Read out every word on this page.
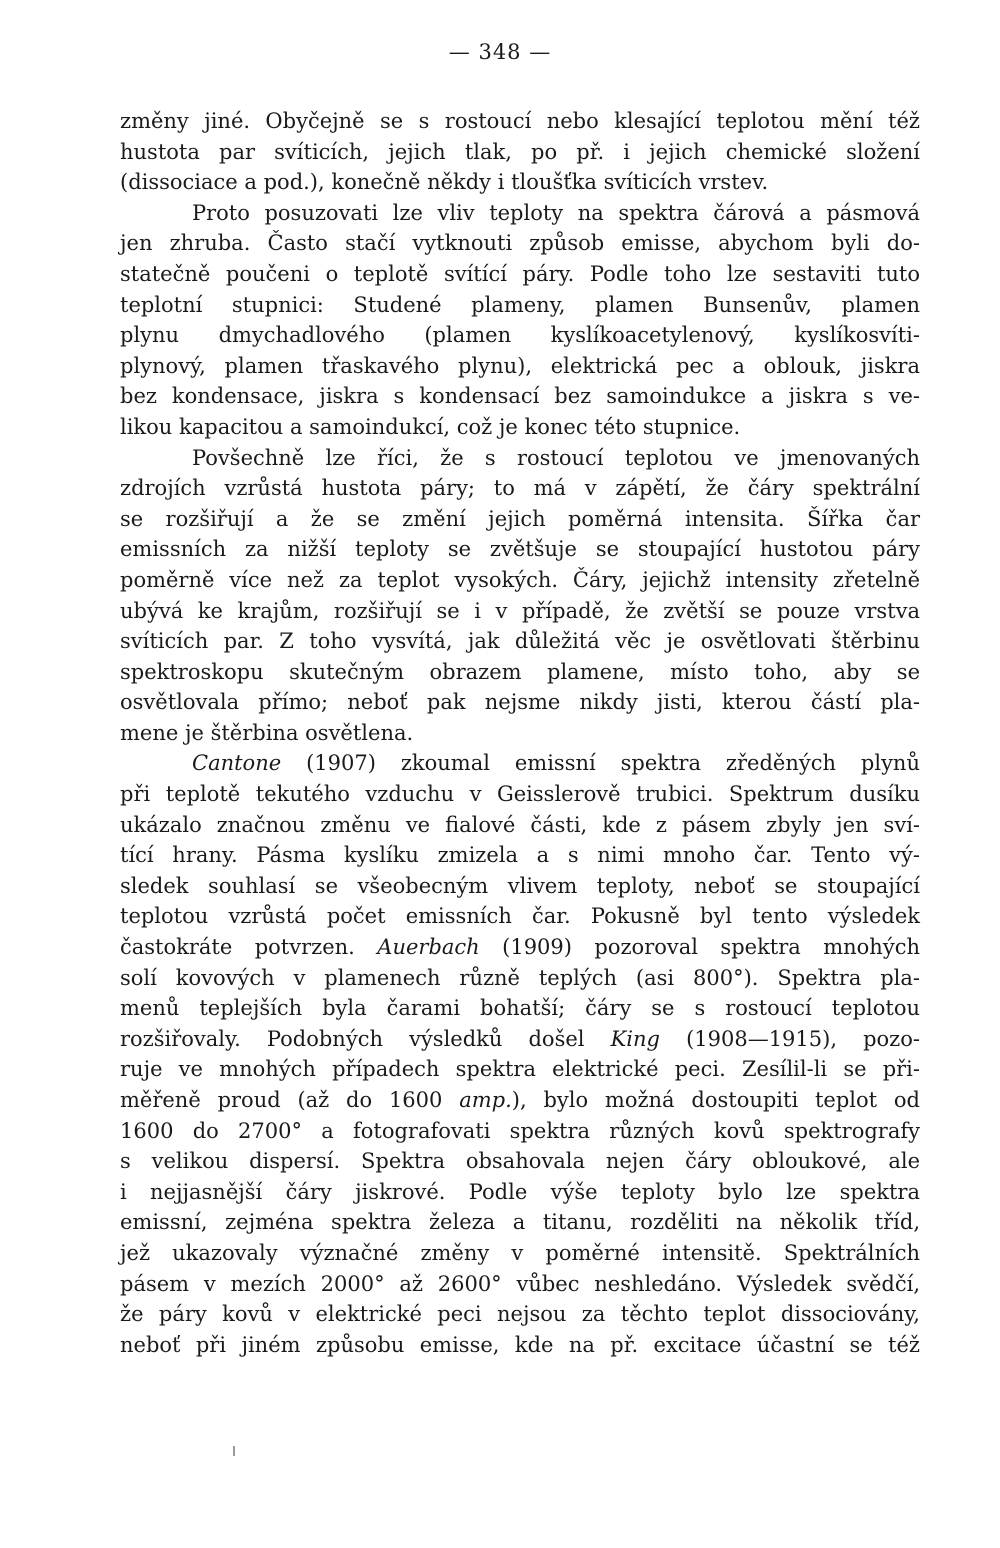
— 348 —
změny jiné. Obyčejně se s rostoucí nebo klesající teplotou mění též
hustota par svíticích, jejich tlak, po př. i jejich chemické složení
(dissociace a pod.), konečně někdy i tloušťka svíticích vrstev.
Proto posuzovati lze vliv teploty na spektra čárová a pásmová
jen zhruba. Často stačí vytknouti způsob emisse, abychom byli do-
statečně poučeni o teplotě svítící páry. Podle toho lze sestaviti tuto
teplotní stupnici: Studené plameny, plamen Bunsenův, plamen
plynu dmychadlového (plamen kyslíkoacetylenový, kyslíkosvíti-
plynový, plamen třaskavého plynu), elektrická pec a oblouk, jiskra
bez kondensace, jiskra s kondensací bez samoindukce a jiskra s ve-
likou kapacitou a samoindukcí, což je konec této stupnice.
Povšechně lze říci, že s rostoucí teplotou ve jmenovaných
zdrojích vzrůstá hustota páry; to má v zápětí, že čáry spektrální
se rozšiřují a že se změní jejich poměrná intensita. Šířka čar
emissních za nižší teploty se zvětšuje se stoupající hustotou páry
poměrně více než za teplot vysokých. Čáry, jejichž intensity zřetelně
ubývá ke krajům, rozšiřují se i v případě, že zvětší se pouze vrstva
svíticích par. Z toho vysvítá, jak důležitá věc je osvětlovati štěrbinu
spektroskopu skutečným obrazem plamene, místo toho, aby se
osvětlovala přímo; neboť pak nejsme nikdy jisti, kterou částí pla-
mene je štěrbina osvětlena.
Cantone (1907) zkoumal emissní spektra zředěných plynů
při teplotě tekutého vzduchu v Geisslerově trubici. Spektrum dusíku
ukázalo značnou změnu ve fialové části, kde z pásem zbyly jen sví-
tící hrany. Pásma kyslíku zmizela a s nimi mnoho čar. Tento vý-
sledek souhlasí se všeobecným vlivem teploty, neboť se stoupající
teplotou vzrůstá počet emissních čar. Pokusně byl tento výsledek
častokráte potvrzen. Auerbach (1909) pozoroval spektra mnohých
solí kovových v plamenech různě teplých (asi 800°). Spektra pla-
menů teplejších byla čarami bohatší; čáry se s rostoucí teplotou
rozšiřovaly. Podobných výsledků došel King (1908—1915), pozo-
ruje ve mnohých případech spektra elektrické peci. Zesílil-li se při-
měřeně proud (až do 1600 amp.), bylo možná dostoupiti teplot od
1600 do 2700° a fotografovati spektra různých kovů spektrografy
s velikou dispersí. Spektra obsahovala nejen čáry obloukové, ale
i nejjasnější čáry jiskrové. Podle výše teploty bylo lze spektra
emissní, zejména spektra železa a titanu, rozděliti na několik tříd,
jež ukazovaly význačné změny v poměrné intensitě. Spektrálních
pásem v mezích 2000° až 2600° vůbec neshledáno. Výsledek svědčí,
že páry kovů v elektrické peci nejsou za těchto teplot dissociovány,
neboť při jiném způsobu emisse, kde na př. excitace účastní se též
